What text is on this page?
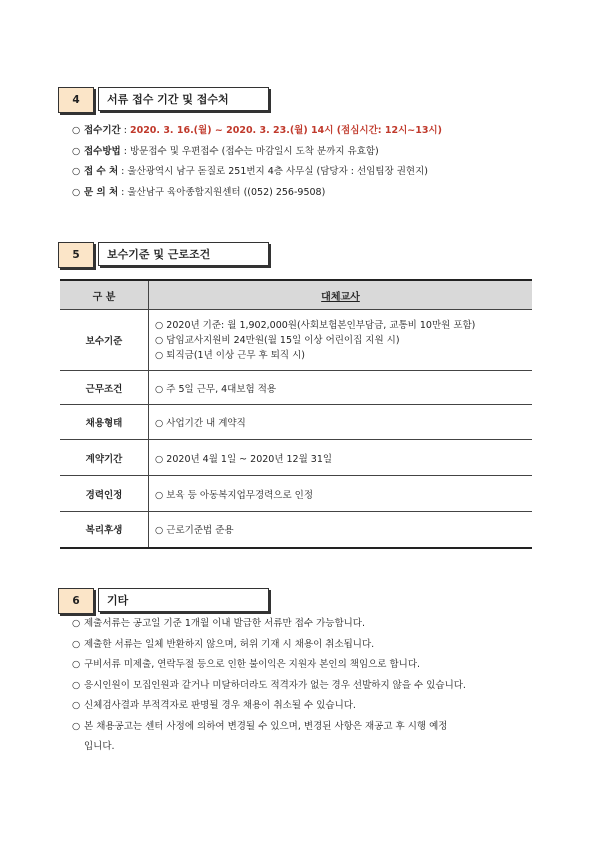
4	서류 접수 기간 및 접수처
○ 접수기간 : 2020. 3. 16.(월) ~ 2020. 3. 23.(월) 14시 (점심시간: 12시~13시)
○ 접수방법 : 방문접수 및 우편접수 (접수는 마감일시 도착 분까지 유효함)
○ 접 수 처 : 울산광역시 남구 돋질로 251번지 4층 사무실 (담당자 : 선임팀장 권현지)
○ 문 의 처 : 울산남구 육아종합지원센터 ((052) 256-9508)
5	보수기준 및 근로조건
구 분	대체교사
보수기준	○ 2020년 기준: 월 1,902,000원(사회보험본인부담금, 교통비 10만원 포함)
○ 담임교사지원비 24만원(월 15일 이상 어린이집 지원 시)
○ 퇴직금(1년 이상 근무 후 퇴직 시)

근무조건	○ 주 5일 근무, 4대보험 적용
채용형태	○ 사업기간 내 계약직
계약기간	○ 2020년 4월 1일 ~ 2020년 12월 31일
경력인정	○ 보육 등 아동복지업무경력으로 인정
복리후생	○ 근로기준법 준용
6	기타
○ 제출서류는 공고일 기준 1개월 이내 발급한 서류만 접수 가능합니다.
○ 제출한 서류는 일체 반환하지 않으며, 허위 기재 시 채용이 취소됩니다.
○ 구비서류 미제출, 연락두절 등으로 인한 불이익은 지원자 본인의 책임으로 합니다.
○ 응시인원이 모집인원과 같거나 미달하더라도 적격자가 없는 경우 선발하지 않을 수 있습니다.
○ 신체검사결과 부적격자로 판명될 경우 채용이 취소될 수 있습니다.
○ 본 채용공고는 센터 사정에 의하여 변경될 수 있으며, 변경된 사항은 재공고 후 시행 예정
입니다.
